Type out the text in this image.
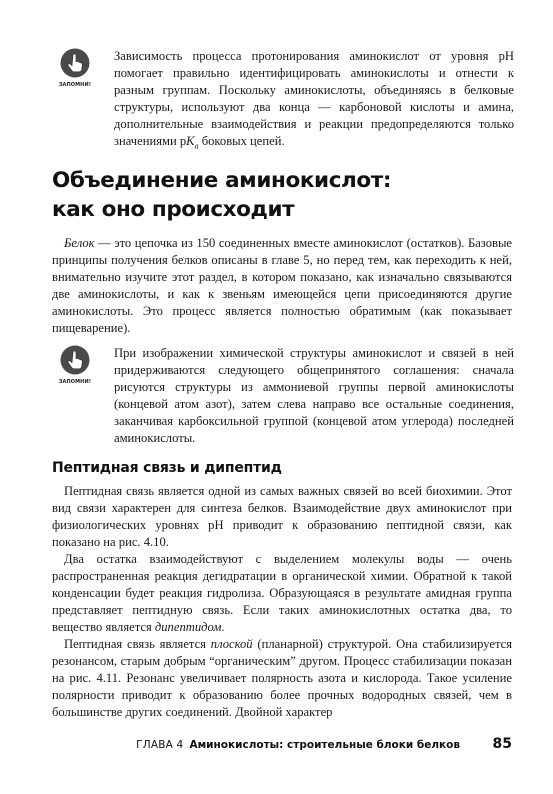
ЗАПОМНИ!

Зависимость процесса протонирования аминокислот от уровня pH помогает правильно идентифицировать аминокислоты и отнести к разным группам. Поскольку аминокислоты, объединяясь в белковые структуры, используют два конца — карбоновой кислоты и амина, дополнительные взаимодействия и реакции предопределяются только значениями $pK_a$ боковых цепей.

Объединение аминокислот:
как оно происходит

Белок — это цепочка из 150 соединенных вместе аминокислот (остатков). Базовые принципы получения белков описаны в главе 5, но перед тем, как переходить к ней, внимательно изучите этот раздел, в котором показано, как изначально связываются две аминокислоты, и как к звеньям имеющейся цепи присоединяются другие аминокислоты. Это процесс является полностью обратимым (как показывает пищеварение).

ЗАПОМНИ!

При изображении химической структуры аминокислот и связей в ней придерживаются следующего общепринятого соглашения: сначала рисуются структуры из аммониевой группы первой аминокислоты (концевой атом азот), затем слева направо все остальные соединения, заканчивая карбоксильной группой (концевой атом углерода) последней аминокислоты.

Пептидная связь и дипептид

Пептидная связь является одной из самых важных связей во всей биохимии. Этот вид связи характерен для синтеза белков. Взаимодействие двух аминокислот при физиологических уровнях pH приводит к образованию пептидной связи, как показано на рис. 4.10.

Два остатка взаимодействуют с выделением молекулы воды — очень распространенная реакция дегидратации в органической химии. Обратной к такой конденсации будет реакция гидролиза. Образующаяся в результате амидная группа представляет пептидную связь. Если таких аминокислотных остатка два, то вещество является дипептидом.

Пептидная связь является плоской (планарной) структурой. Она стабилизируется резонансом, старым добрым “органическим” другом. Процесс стабилизации показан на рис. 4.11. Резонанс увеличивает полярность азота и кислорода. Такое усиление полярности приводит к образованию более прочных водородных связей, чем в большинстве других соединений. Двойной характер

ГЛАВА 4 Аминокислоты: строительные блоки белков 85
